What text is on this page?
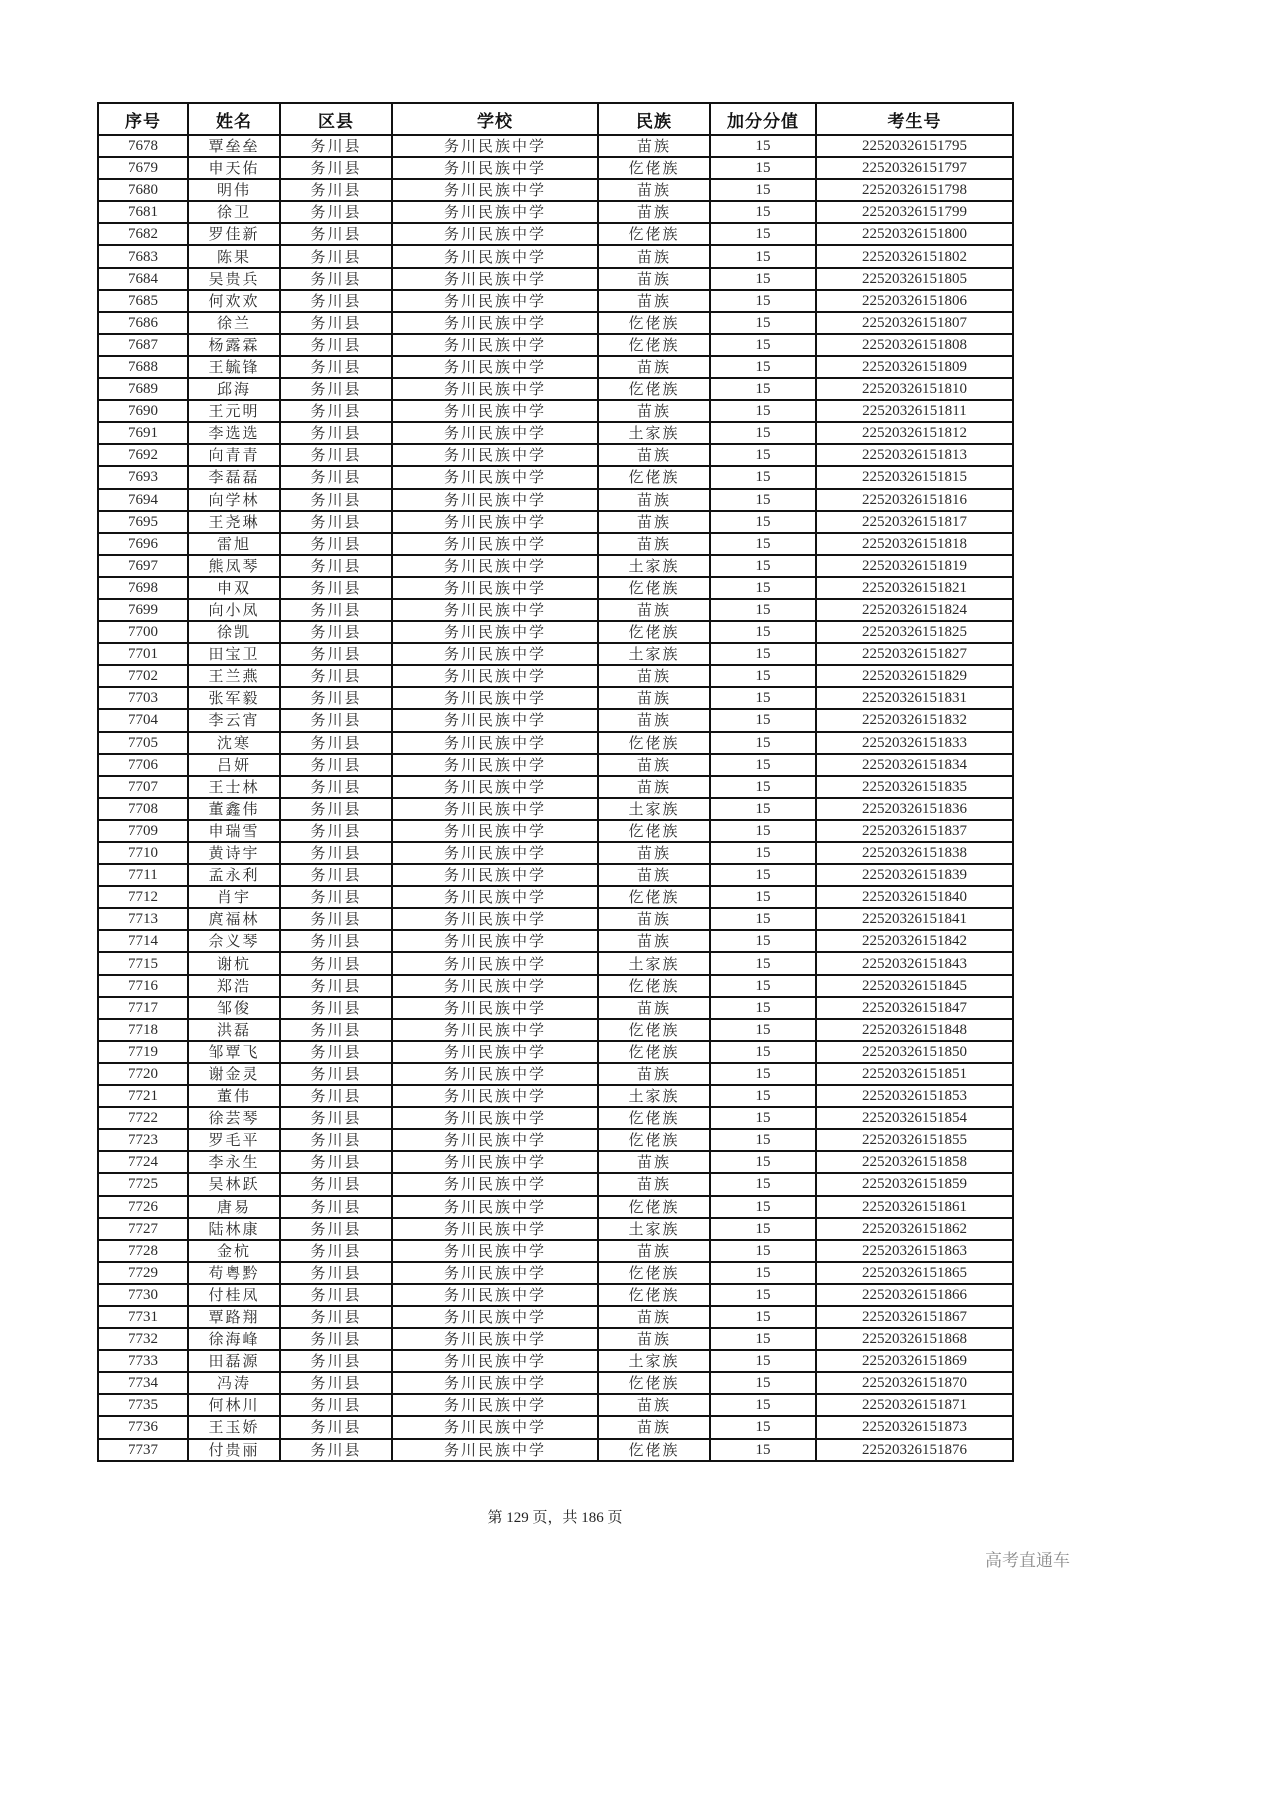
序号	姓名	区县	学校	民族	加分分值	考生号
7678	覃垒垒	务川县	务川民族中学	苗族	15	22520326151795
7679	申天佑	务川县	务川民族中学	仡佬族	15	22520326151797
7680	明伟	务川县	务川民族中学	苗族	15	22520326151798
7681	徐卫	务川县	务川民族中学	苗族	15	22520326151799
7682	罗佳新	务川县	务川民族中学	仡佬族	15	22520326151800
7683	陈果	务川县	务川民族中学	苗族	15	22520326151802
7684	吴贵兵	务川县	务川民族中学	苗族	15	22520326151805
7685	何欢欢	务川县	务川民族中学	苗族	15	22520326151806
7686	徐兰	务川县	务川民族中学	仡佬族	15	22520326151807
7687	杨露霖	务川县	务川民族中学	仡佬族	15	22520326151808
7688	王毓锋	务川县	务川民族中学	苗族	15	22520326151809
7689	邱海	务川县	务川民族中学	仡佬族	15	22520326151810
7690	王元明	务川县	务川民族中学	苗族	15	22520326151811
7691	李选选	务川县	务川民族中学	土家族	15	22520326151812
7692	向青青	务川县	务川民族中学	苗族	15	22520326151813
7693	李磊磊	务川县	务川民族中学	仡佬族	15	22520326151815
7694	向学林	务川县	务川民族中学	苗族	15	22520326151816
7695	王尧琳	务川县	务川民族中学	苗族	15	22520326151817
7696	雷旭	务川县	务川民族中学	苗族	15	22520326151818
7697	熊凤琴	务川县	务川民族中学	土家族	15	22520326151819
7698	申双	务川县	务川民族中学	仡佬族	15	22520326151821
7699	向小凤	务川县	务川民族中学	苗族	15	22520326151824
7700	徐凯	务川县	务川民族中学	仡佬族	15	22520326151825
7701	田宝卫	务川县	务川民族中学	土家族	15	22520326151827
7702	王兰燕	务川县	务川民族中学	苗族	15	22520326151829
7703	张军毅	务川县	务川民族中学	苗族	15	22520326151831
7704	李云宵	务川县	务川民族中学	苗族	15	22520326151832
7705	沈寒	务川县	务川民族中学	仡佬族	15	22520326151833
7706	吕妍	务川县	务川民族中学	苗族	15	22520326151834
7707	王士林	务川县	务川民族中学	苗族	15	22520326151835
7708	董鑫伟	务川县	务川民族中学	土家族	15	22520326151836
7709	申瑞雪	务川县	务川民族中学	仡佬族	15	22520326151837
7710	黄诗宇	务川县	务川民族中学	苗族	15	22520326151838
7711	孟永利	务川县	务川民族中学	苗族	15	22520326151839
7712	肖宇	务川县	务川民族中学	仡佬族	15	22520326151840
7713	庹福林	务川县	务川民族中学	苗族	15	22520326151841
7714	佘义琴	务川县	务川民族中学	苗族	15	22520326151842
7715	谢杭	务川县	务川民族中学	土家族	15	22520326151843
7716	郑浩	务川县	务川民族中学	仡佬族	15	22520326151845
7717	邹俊	务川县	务川民族中学	苗族	15	22520326151847
7718	洪磊	务川县	务川民族中学	仡佬族	15	22520326151848
7719	邹覃飞	务川县	务川民族中学	仡佬族	15	22520326151850
7720	谢金灵	务川县	务川民族中学	苗族	15	22520326151851
7721	董伟	务川县	务川民族中学	土家族	15	22520326151853
7722	徐芸琴	务川县	务川民族中学	仡佬族	15	22520326151854
7723	罗毛平	务川县	务川民族中学	仡佬族	15	22520326151855
7724	李永生	务川县	务川民族中学	苗族	15	22520326151858
7725	吴林跃	务川县	务川民族中学	苗族	15	22520326151859
7726	唐易	务川县	务川民族中学	仡佬族	15	22520326151861
7727	陆林康	务川县	务川民族中学	土家族	15	22520326151862
7728	金杭	务川县	务川民族中学	苗族	15	22520326151863
7729	苟粤黔	务川县	务川民族中学	仡佬族	15	22520326151865
7730	付桂凤	务川县	务川民族中学	仡佬族	15	22520326151866
7731	覃路翔	务川县	务川民族中学	苗族	15	22520326151867
7732	徐海峰	务川县	务川民族中学	苗族	15	22520326151868
7733	田磊源	务川县	务川民族中学	土家族	15	22520326151869
7734	冯涛	务川县	务川民族中学	仡佬族	15	22520326151870
7735	何林川	务川县	务川民族中学	苗族	15	22520326151871
7736	王玉娇	务川县	务川民族中学	苗族	15	22520326151873
7737	付贵丽	务川县	务川民族中学	仡佬族	15	22520326151876
第 129 页，共 186 页
高考直通车
